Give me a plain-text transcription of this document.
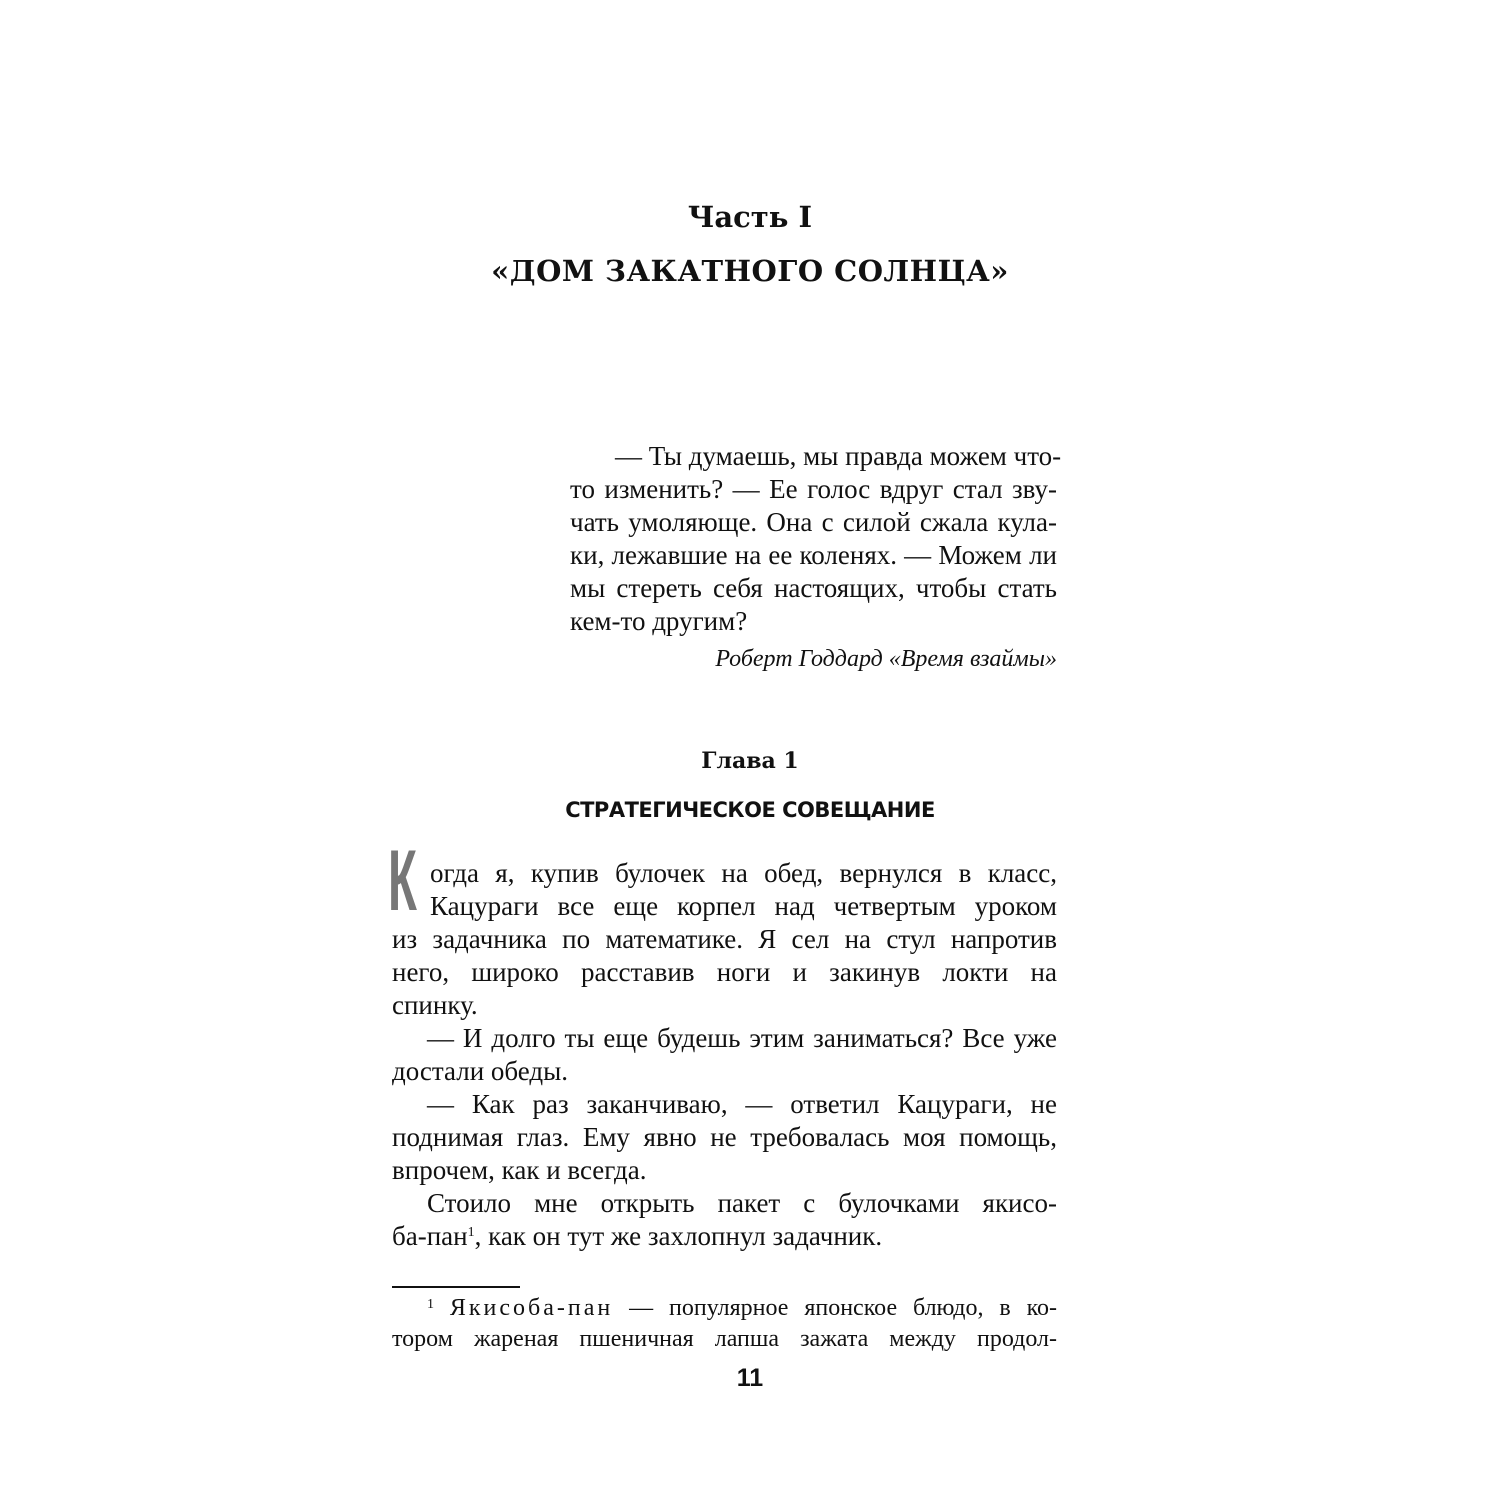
Часть I
«ДОМ ЗАКАТНОГО СОЛНЦА»
— Ты думаешь, мы правда можем что-
то изменить? — Ее голос вдруг стал зву-
чать умоляюще. Она с силой сжала кула-
ки, лежавшие на ее коленях. — Можем ли
мы стереть себя настоящих, чтобы стать
кем-то другим?
Роберт Годдард «Время взаймы»
Глава 1
СТРАТЕГИЧЕСКОЕ СОВЕЩАНИЕ
К огда я, купив булочек на обед, вернулся в класс,
Кацураги все еще корпел над четвертым уроком
из задачника по математике. Я сел на стул напротив
него, широко расставив ноги и закинув локти на
спинку.
— И долго ты еще будешь этим заниматься? Все уже
достали обеды.
— Как раз заканчиваю, — ответил Кацураги, не
поднимая глаз. Ему явно не требовалась моя помощь,
впрочем, как и всегда.
Стоило мне открыть пакет с булочками якисо-
ба-пан$^1$, как он тут же захлопнул задачник.
$^1$ Якисоба-пан — популярное японское блюдо, в ко-
тором жареная пшеничная лапша зажата между продол-
11
